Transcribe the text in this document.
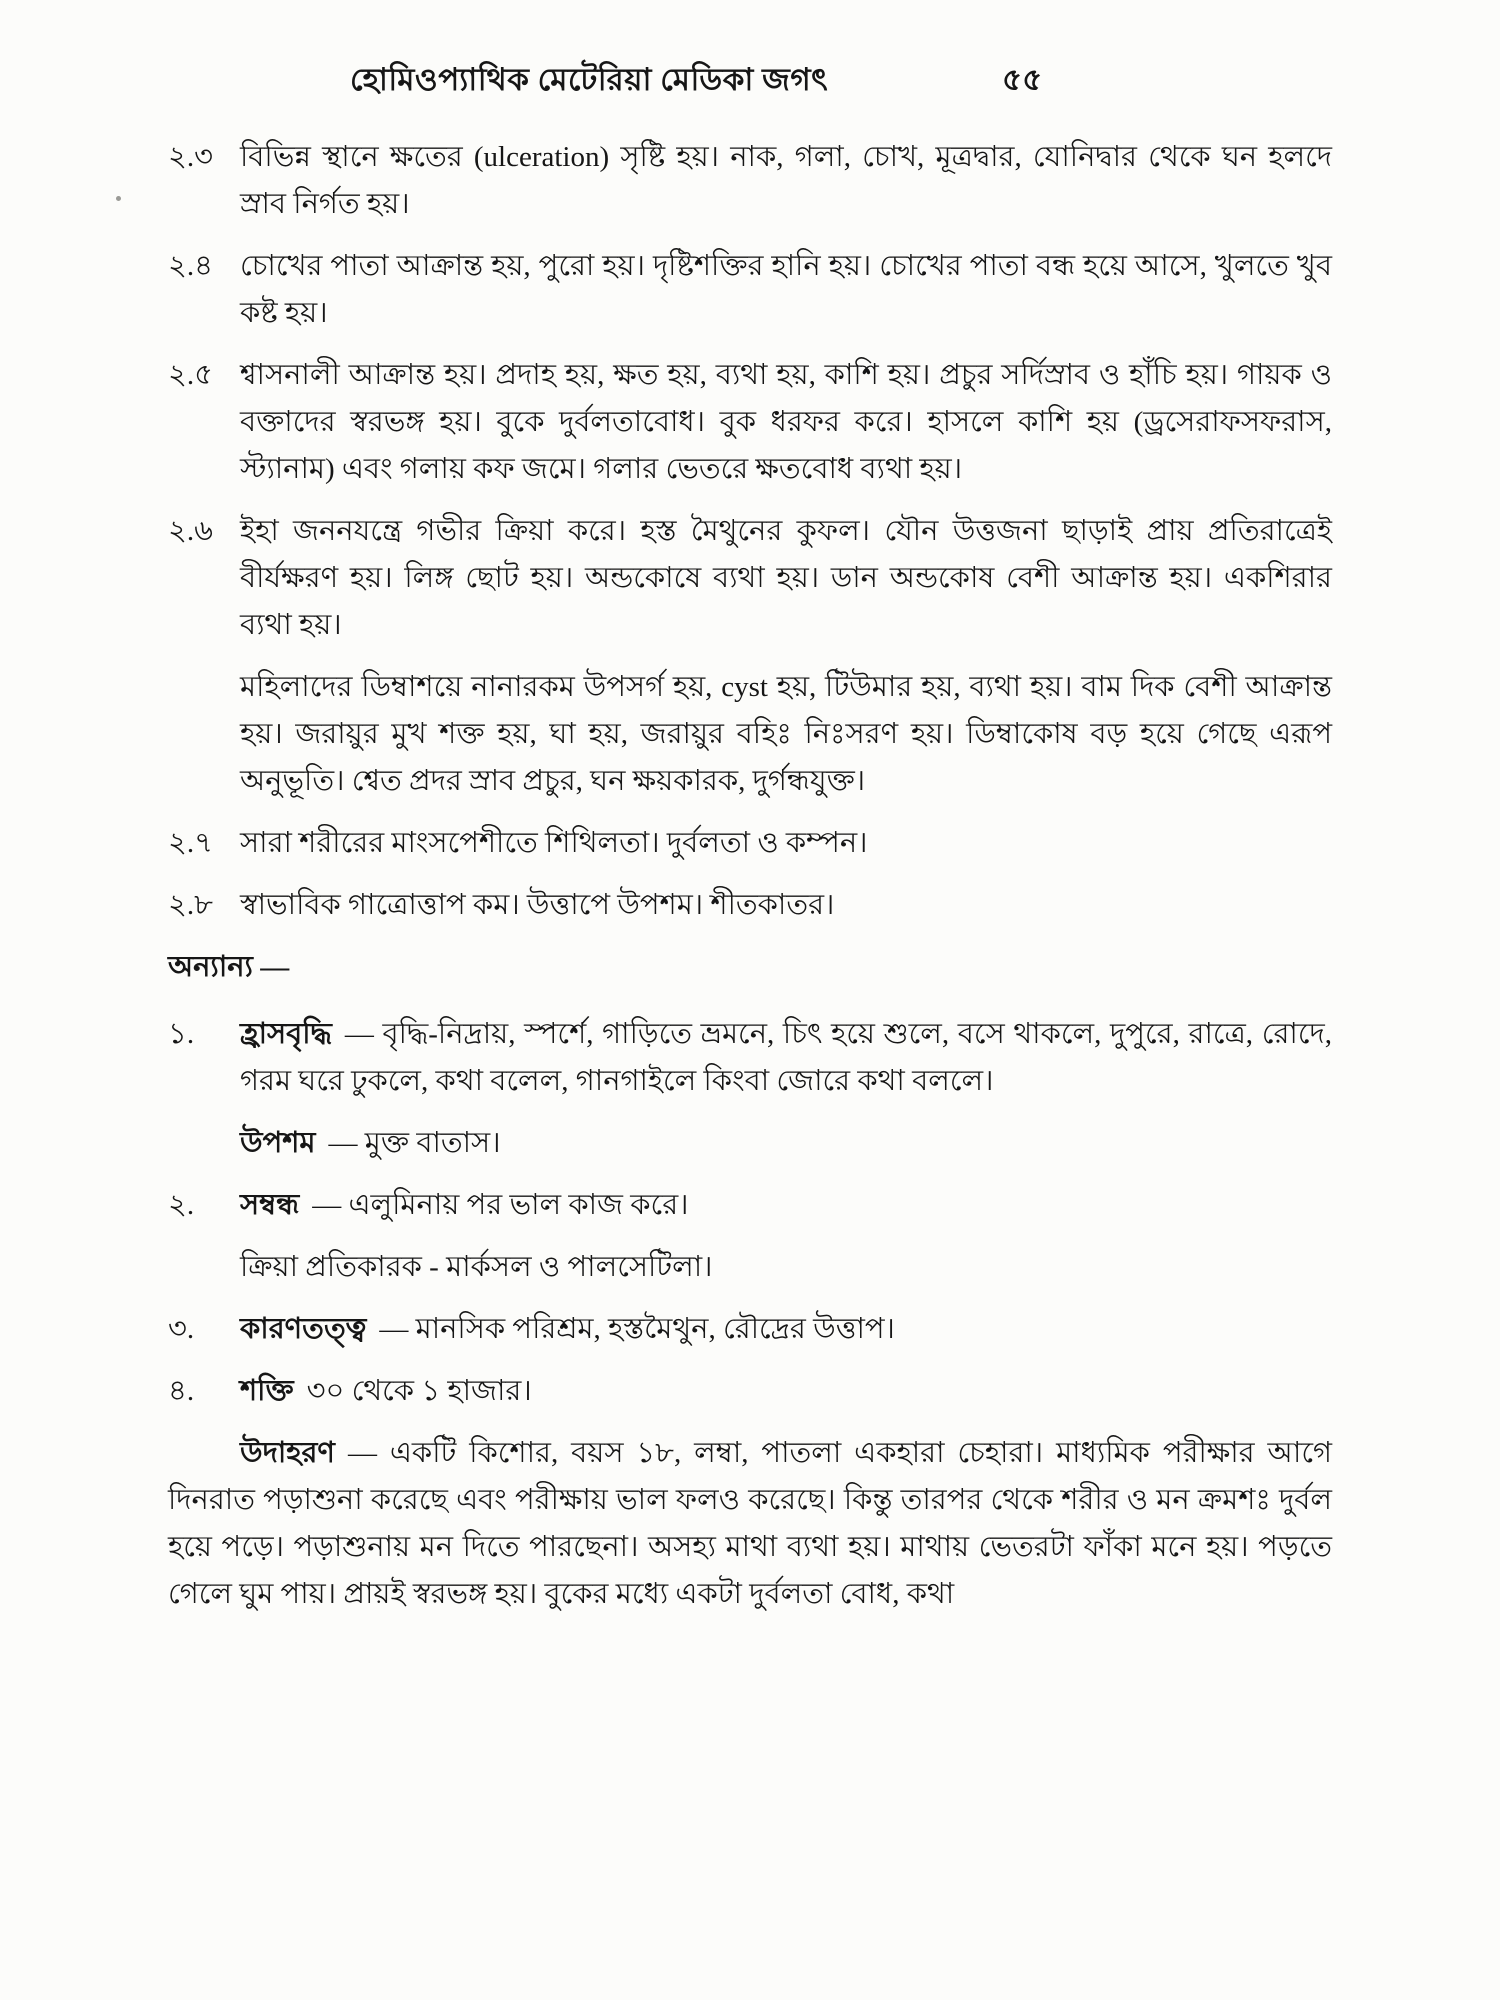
হোমিওপ্যাথিক মেটেরিয়া মেডিকা জগৎ	৫৫
২.৩ বিভিন্ন স্থানে ক্ষতের (ulceration) সৃষ্টি হয়। নাক, গলা, চোখ, মূত্রদ্বার, যোনিদ্বার থেকে ঘন হলদে স্রাব নির্গত হয়।
২.৪ চোখের পাতা আক্রান্ত হয়, পুরো হয়। দৃষ্টিশক্তির হানি হয়। চোখের পাতা বন্ধ হয়ে আসে, খুলতে খুব কষ্ট হয়।
২.৫ শ্বাসনালী আক্রান্ত হয়। প্রদাহ হয়, ক্ষত হয়, ব্যথা হয়, কাশি হয়। প্রচুর সর্দিস্রাব ও হাঁচি হয়। গায়ক ও বক্তাদের স্বরভঙ্গ হয়। বুকে দুর্বলতাবোধ। বুক ধরফর করে। হাসলে কাশি হয় (ড্রসেরাফসফরাস, স্ট্যানাম) এবং গলায় কফ জমে। গলার ভেতরে ক্ষতবোধ ব্যথা হয়।
২.৬ ইহা জননযন্ত্রে গভীর ক্রিয়া করে। হস্ত মৈথুনের কুফল। যৌন উত্তজনা ছাড়াই প্রায় প্রতিরাত্রেই বীর্যক্ষরণ হয়। লিঙ্গ ছোট হয়। অন্ডকোষে ব্যথা হয়। ডান অন্ডকোষ বেশী আক্রান্ত হয়। একশিরার ব্যথা হয়।
মহিলাদের ডিম্বাশয়ে নানারকম উপসর্গ হয়, cyst হয়, টিউমার হয়, ব্যথা হয়। বাম দিক বেশী আক্রান্ত হয়। জরায়ুর মুখ শক্ত হয়, ঘা হয়, জরায়ুর বহিঃ নিঃসরণ হয়। ডিম্বাকোষ বড় হয়ে গেছে এরূপ অনুভূতি। শ্বেত প্রদর স্রাব প্রচুর, ঘন ক্ষয়কারক, দুর্গন্ধযুক্ত।
২.৭ সারা শরীরের মাংসপেশীতে শিথিলতা। দুর্বলতা ও কম্পন।
২.৮ স্বাভাবিক গাত্রোত্তাপ কম। উত্তাপে উপশম। শীতকাতর।
অন্যান্য —
১.	হ্রাসবৃদ্ধি — বৃদ্ধি-নিদ্রায়, স্পর্শে, গাড়িতে ভ্রমনে, চিৎ হয়ে শুলে, বসে থাকলে, দুপুরে, রাত্রে, রোদে, গরম ঘরে ঢুকলে, কথা বলেল, গানগাইলে কিংবা জোরে কথা বললে।
উপশম — মুক্ত বাতাস।
২.	সম্বন্ধ — এলুমিনায় পর ভাল কাজ করে।
ক্রিয়া প্রতিকারক - মার্কসল ও পালসেটিলা।
৩.	কারণতত্ত্ব — মানসিক পরিশ্রম, হস্তমৈথুন, রৌদ্রের উত্তাপ।
৪.	শক্তি ৩০ থেকে ১ হাজার।
উদাহরণ — একটি কিশোর, বয়স ১৮, লম্বা, পাতলা একহারা চেহারা। মাধ্যমিক পরীক্ষার আগে দিনরাত পড়াশুনা করেছে এবং পরীক্ষায় ভাল ফলও করেছে। কিন্তু তারপর থেকে শরীর ও মন ক্রমশঃ দুর্বল হয়ে পড়ে। পড়াশুনায় মন দিতে পারছেনা। অসহ্য মাথা ব্যথা হয়। মাথায় ভেতরটা ফাঁকা মনে হয়। পড়তে গেলে ঘুম পায়। প্রায়ই স্বরভঙ্গ হয়। বুকের মধ্যে একটা দুর্বলতা বোধ, কথা
